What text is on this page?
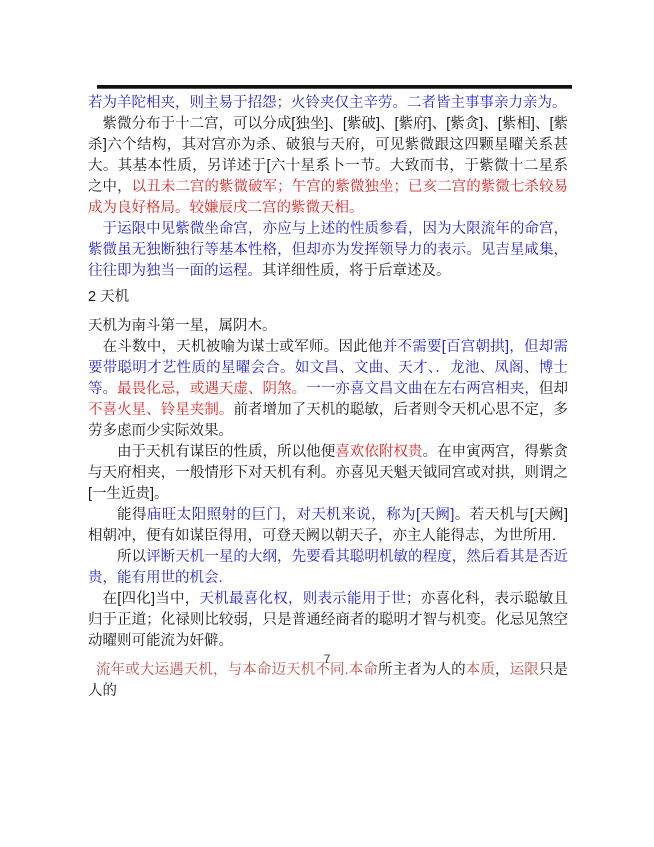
若为羊陀相夹，则主易于招怨；火铃夹仅主辛劳。二者皆主事事亲力亲为。

紫微分布于十二宫，可以分成[独坐]、[紫破]、[紫府]、[紫贪]、[紫相]、[紫杀]六个结构，其对宫亦为杀、破狼与天府，可见紫微跟这四颗星曜关系甚大。其基本性质，另详述于[六十星系卜一节。大致而书，于紫微十二星系之中，以丑未二宫的紫微破军；午宫的紫微独坐；已亥二宫的紫微七杀较易成为良好格局。较嫌辰戌二宫的紫微天相。

于运限中见紫微坐命宫，亦应与上述的性质参看，因为大限流年的命宫，紫微虽无独断独行等基本性格，但却亦为发挥领导力的表示。见吉星咸集，往往即为独当一面的运程。其详细性质，将于后章述及。

2 天机

天机为南斗第一星，属阴木。

在斗数中，天机被喻为谋士或军师。因此他并不需要[百宫朝拱]，但却需要带聪明才艺性质的星曜会合。如文昌、文曲、天才、．龙池、凤阁、博士等。最畏化忌，或遇天虚、阴煞。一一亦喜文昌文曲在左右两宫相夹，但却不喜火星、铃星夹制。前者增加了天机的聪敏，后者则令天机心思不定，多劳多虑而少实际效果。

由于天机有谋臣的性质，所以他便喜欢依附权贵。在申寅两宫，得紫贪与天府相夹，一般情形下对天机有利。亦喜见天魁天钺同宫或对拱，则谓之[一生近贵]。

能得庙旺太阳照射的巨门，对天机来说，称为[天阙]。若天机与[天阙]相朝冲，便有如谋臣得用，可登天阙以朝天子，亦主人能得志，为世所用.

所以评断天机一星的大纲，先要看其聪明机敏的程度，然后看其是否近贵，能有用世的机会.

在[四化]当中，天机最喜化权，则表示能用于世；亦喜化科，表示聪敏且归于正道；化禄则比较弱，只是普通经商者的聪明才智与机变。化忌见煞空动曜则可能流为奸僻。

流年或大运遇天机，与本命迈天机不同.本命所主者为人的本质，运限只是人的

7
